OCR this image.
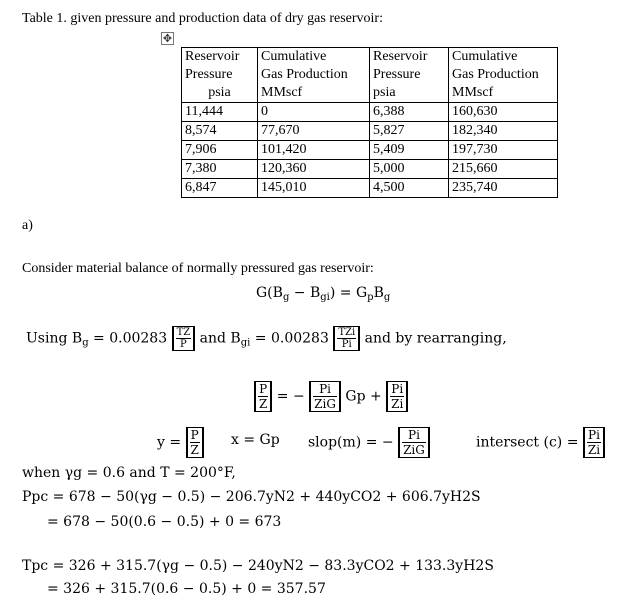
Table 1. given pressure and production data of dry gas reservoir:
✥
Reservoir
Pressure
psia	Cumulative
Gas Production
MMscf	Reservoir
Pressure
psia	Cumulative
Gas Production
MMscf

11,444	0	6,388	160,630
8,574	77,670	5,827	182,340
7,906	101,420	5,409	197,730
7,380	120,360	5,000	215,660
6,847	145,010	4,500	235,740
a)
Consider material balance of normally pressured gas reservoir:
$G(B_g - B_{gi}) = G_pB_g$
Using $B_g = 0.00283 \frac{TZ}{P}$ and $B_{gi} = 0.00283 \frac{\text{TZi}}{Pi}$ and by rearranging,
$\frac{P}{Z}$ = − $\frac{Pi}{\text{ZiG}}$ $Gp + \frac{Pi}{Zi}$
$y = \frac{P}{Z}$ x = Gp slop(m) = − $\frac{Pi}{\text{ZiG}}$	intersect $(c) = \frac{Pi}{Zi}$
when γg = 0.6 and T = 200°F,
Ppc = 678 − 50(γg − 0.5) − 206.7yN2 + 440yCO2 + 606.7yH2S
= 678 − 50(0.6 − 0.5) + 0 = 673
Tpc = 326 + 315.7(γg − 0.5) − 240yN2 − 83.3yCO2 + 133.3yH2S
= 326 + 315.7(0.6 − 0.5) + 0 = 357.57
